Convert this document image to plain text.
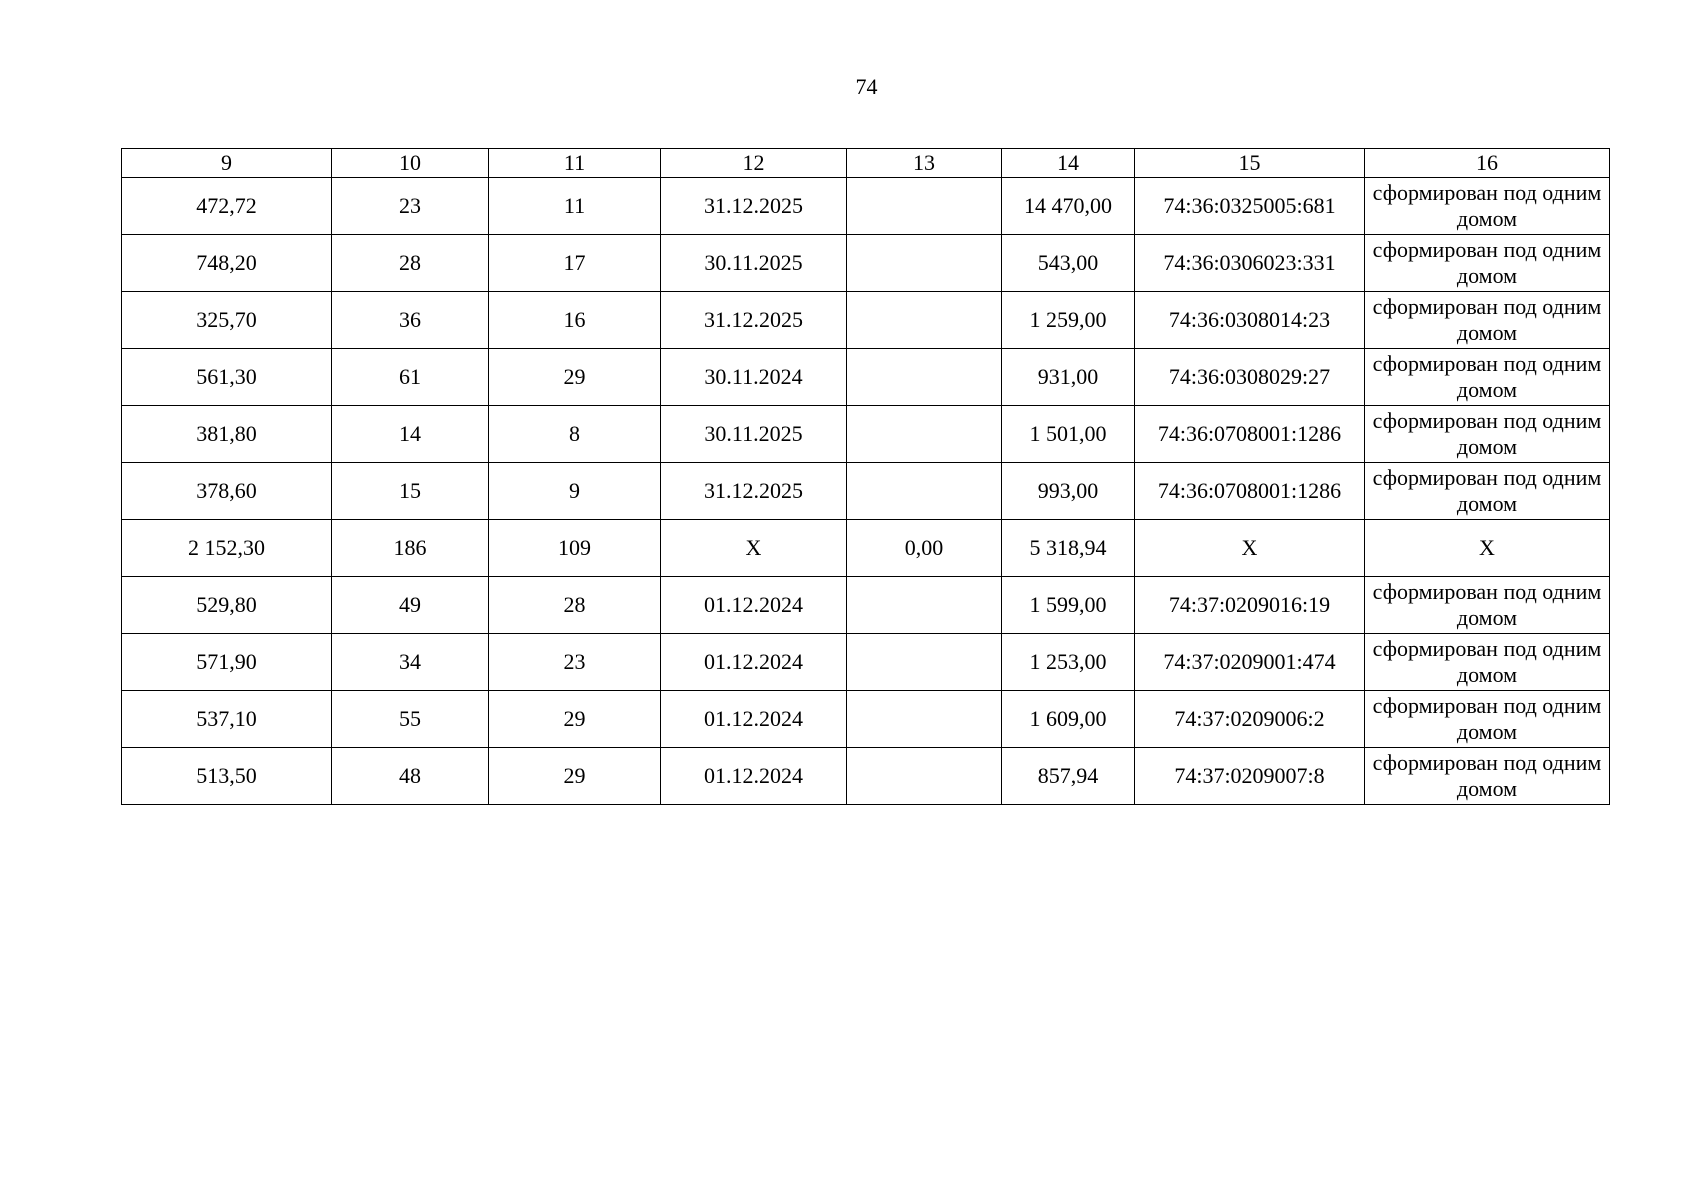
74
9	10	11	12	13	14	15	16
472,72	23	11	31.12.2025		14 470,00	74:36:0325005:681	сформирован под одним домом
748,20	28	17	30.11.2025		543,00	74:36:0306023:331	сформирован под одним домом
325,70	36	16	31.12.2025		1 259,00	74:36:0308014:23	сформирован под одним домом
561,30	61	29	30.11.2024		931,00	74:36:0308029:27	сформирован под одним домом
381,80	14	8	30.11.2025		1 501,00	74:36:0708001:1286	сформирован под одним домом
378,60	15	9	31.12.2025		993,00	74:36:0708001:1286	сформирован под одним домом
2 152,30	186	109	X	0,00	5 318,94	X	X
529,80	49	28	01.12.2024		1 599,00	74:37:0209016:19	сформирован под одним домом
571,90	34	23	01.12.2024		1 253,00	74:37:0209001:474	сформирован под одним домом
537,10	55	29	01.12.2024		1 609,00	74:37:0209006:2	сформирован под одним домом
513,50	48	29	01.12.2024		857,94	74:37:0209007:8	сформирован под одним домом
